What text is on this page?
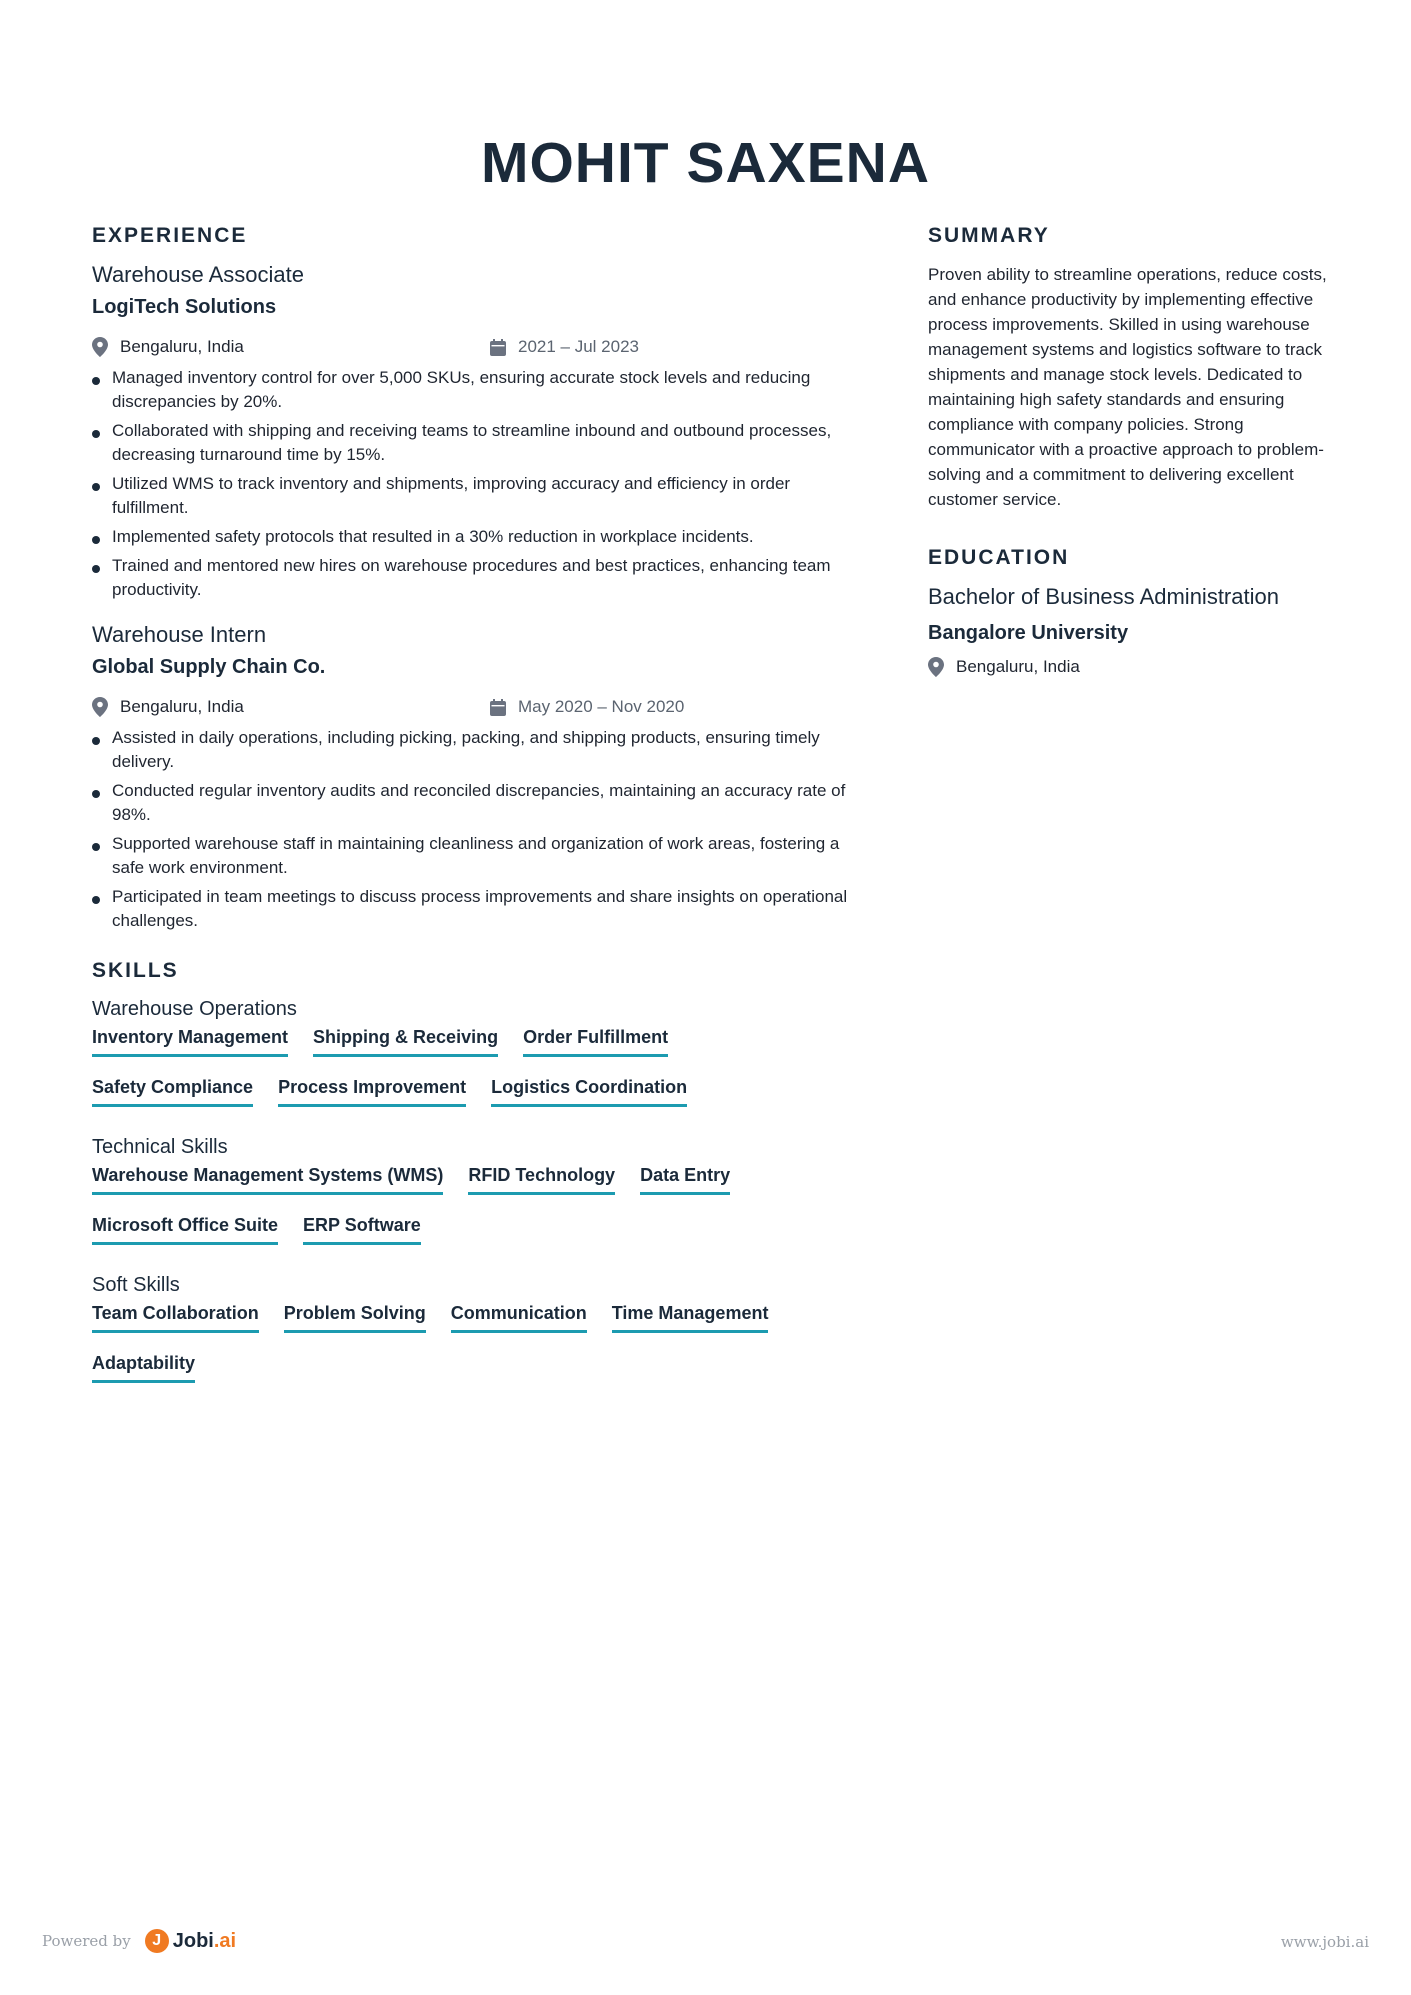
MOHIT SAXENA
EXPERIENCE
Warehouse Associate
LogiTech Solutions
Bengaluru, India	2021 – Jul 2023
Managed inventory control for over 5,000 SKUs, ensuring accurate stock levels and reducing discrepancies by 20%.
Collaborated with shipping and receiving teams to streamline inbound and outbound processes, decreasing turnaround time by 15%.
Utilized WMS to track inventory and shipments, improving accuracy and efficiency in order fulfillment.
Implemented safety protocols that resulted in a 30% reduction in workplace incidents.
Trained and mentored new hires on warehouse procedures and best practices, enhancing team productivity.
Warehouse Intern
Global Supply Chain Co.
Bengaluru, India	May 2020 – Nov 2020
Assisted in daily operations, including picking, packing, and shipping products, ensuring timely delivery.
Conducted regular inventory audits and reconciled discrepancies, maintaining an accuracy rate of 98%.
Supported warehouse staff in maintaining cleanliness and organization of work areas, fostering a safe work environment.
Participated in team meetings to discuss process improvements and share insights on operational challenges.
SKILLS
Warehouse Operations
Inventory Management Shipping & Receiving Order Fulfillment
Safety Compliance Process Improvement Logistics Coordination
Technical Skills
Warehouse Management Systems (WMS) RFID Technology Data Entry
Microsoft Office Suite ERP Software
Soft Skills
Team Collaboration Problem Solving Communication Time Management
Adaptability
SUMMARY
Proven ability to streamline operations, reduce costs, and enhance productivity by implementing effective process improvements. Skilled in using warehouse management systems and logistics software to track shipments and manage stock levels. Dedicated to maintaining high safety standards and ensuring compliance with company policies. Strong communicator with a proactive approach to problem-solving and a commitment to delivering excellent customer service.
EDUCATION
Bachelor of Business Administration
Bangalore University
Bengaluru, India
Powered by	J Jobi.ai	www.jobi.ai
